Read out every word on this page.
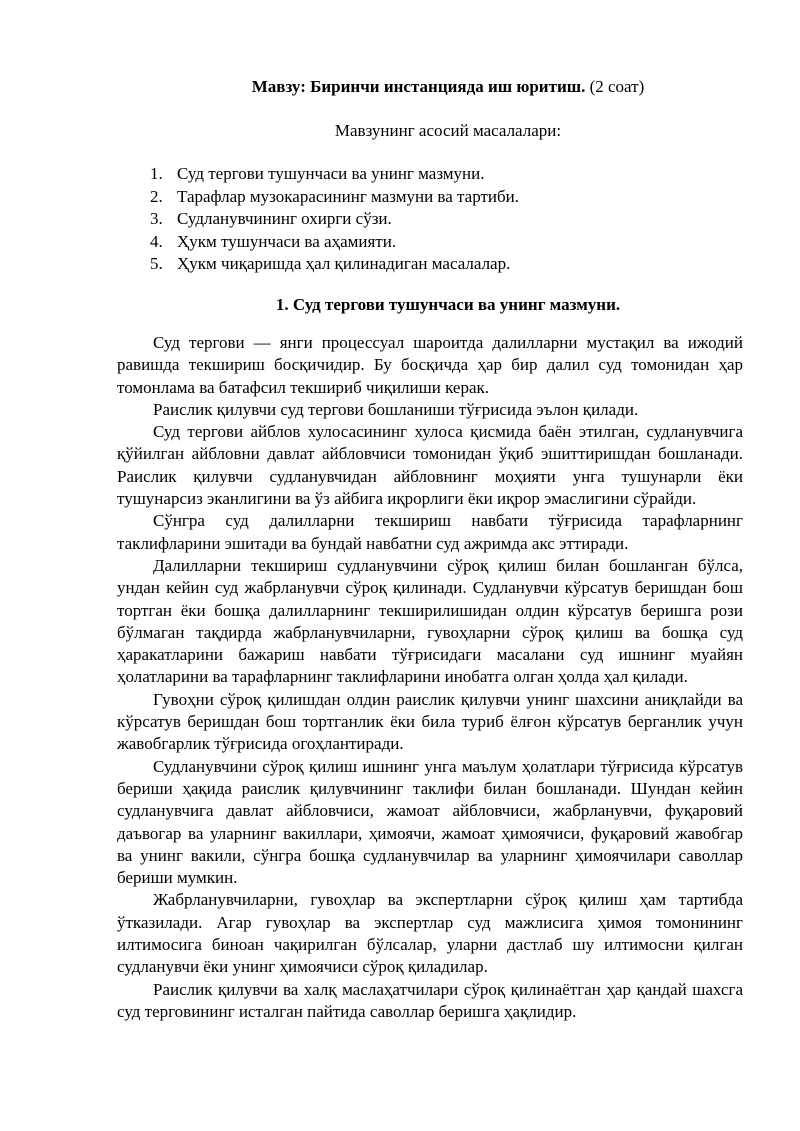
Мавзу: Биринчи инстанцияда иш юритиш. (2 соат)
Мавзунинг асосий масалалари:
1. Суд тергови тушунчаси ва унинг мазмуни.
2. Тарафлар музокарасининг мазмуни ва тартиби.
3. Судланувчининг охирги сўзи.
4. Ҳукм тушунчаси ва аҳамияти.
5. Ҳукм чиқаришда ҳал қилинадиган масалалар.
1. Суд тергови тушунчаси ва унинг мазмуни.

Суд тергови — янги процессуал шароитда далилларни мустақил ва ижодий равишда текшириш босқичидир. Бу босқичда ҳар бир далил суд томонидан ҳар томонлама ва батафсил текшириб чиқилиши керак.

Раислик қилувчи суд тергови бошланиши тўғрисида эълон қилади.

Суд тергови айблов хулосасининг хулоса қисмида баён этилган, судланувчига қўйилган айбловни давлат айбловчиси томонидан ўқиб эшиттиришдан бошланади. Раислик қилувчи судланувчидан айбловнинг моҳияти унга тушунарли ёки тушунарсиз эканлигини ва ўз айбига иқрорлиги ёки иқрор эмаслигини сўрайди.

Сўнгра суд далилларни текшириш навбати тўғрисида тарафларнинг таклифларини эшитади ва бундай навбатни суд ажримда акс эттиради.

Далилларни текшириш судланувчини сўроқ қилиш билан бошланган бўлса, ундан кейин суд жабрланувчи сўроқ қилинади. Судланувчи кўрсатув беришдан бош тортган ёки бошқа далилларнинг текширилишидан олдин кўрсатув беришга рози бўлмаган тақдирда жабрланувчиларни, гувоҳларни сўроқ қилиш ва бошқа суд ҳаракатларини бажариш навбати тўғрисидаги масалани суд ишнинг муайян ҳолатларини ва тарафларнинг таклифларини инобатга олган ҳолда ҳал қилади.

Гувоҳни сўроқ қилишдан олдин раислик қилувчи унинг шахсини аниқлайди ва кўрсатув беришдан бош тортганлик ёки била туриб ёлғон кўрсатув берганлик учун жавобгарлик тўғрисида огоҳлантиради.

Судланувчини сўроқ қилиш ишнинг унга маълум ҳолатлари тўғрисида кўрсатув бериши ҳақида раислик қилувчининг таклифи билан бошланади. Шундан кейин судланувчига давлат айбловчиси, жамоат айбловчиси, жабрланувчи, фуқаровий даъвогар ва уларнинг вакиллари, ҳимоячи, жамоат ҳимоячиси, фуқаровий жавобгар ва унинг вакили, сўнгра бошқа судланувчилар ва уларнинг ҳимоячилари саволлар бериши мумкин.

Жабрланувчиларни, гувоҳлар ва экспертларни сўроқ қилиш ҳам тартибда ўтказилади. Агар гувоҳлар ва экспертлар суд мажлисига ҳимоя томонининг илтимосига биноан чақирилган бўлсалар, уларни дастлаб шу илтимосни қилган судланувчи ёки унинг ҳимоячиси сўроқ қиладилар.

Раислик қилувчи ва халқ маслаҳатчилари сўроқ қилинаётган ҳар қандай шахсга суд терговининг исталган пайтида саволлар беришга ҳақлидир.
